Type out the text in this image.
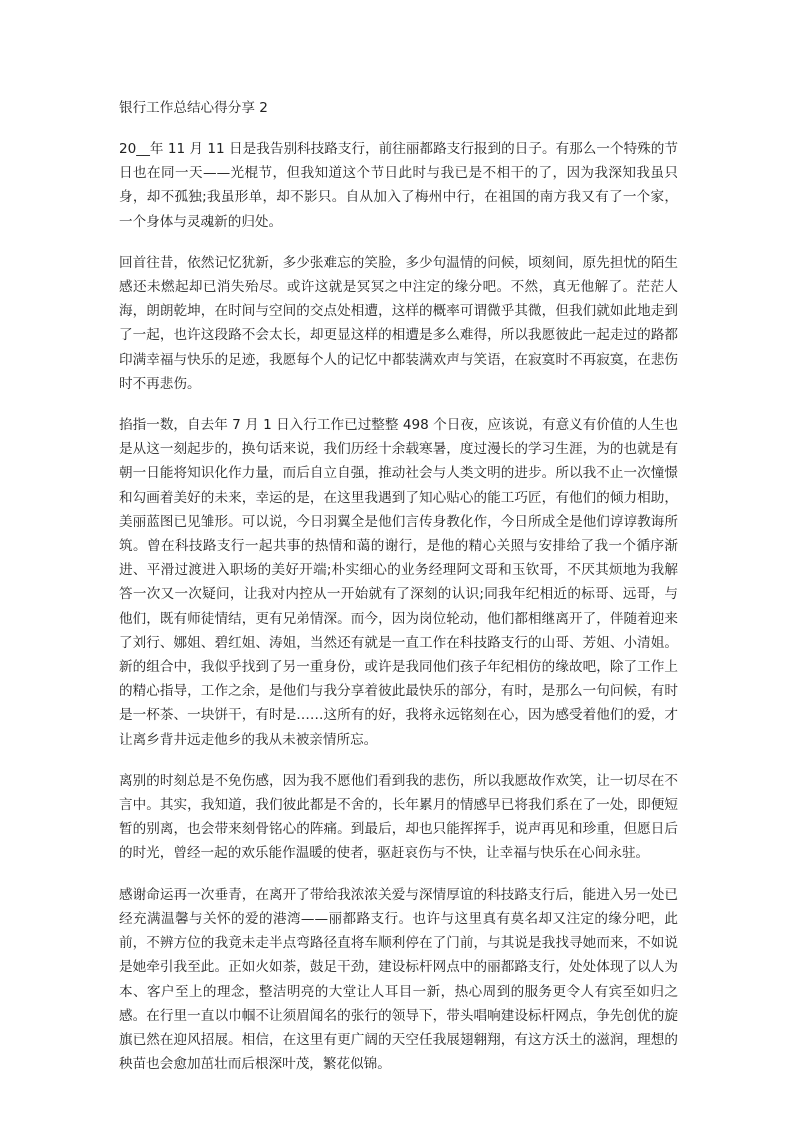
银行工作总结心得分享 2

20__年 11 月 11 日是我告别科技路支行，前往丽都路支行报到的日子。有那么一个特殊的节日也在同一天——光棍节，但我知道这个节日此时与我已是不相干的了，因为我深知我虽只身，却不孤独;我虽形单，却不影只。自从加入了梅州中行，在祖国的南方我又有了一个家，一个身体与灵魂新的归处。

回首往昔，依然记忆犹新，多少张难忘的笑脸，多少句温情的问候，顷刻间，原先担忧的陌生感还未燃起却已消失殆尽。或许这就是冥冥之中注定的缘分吧。不然，真无他解了。茫茫人海，朗朗乾坤，在时间与空间的交点处相遭，这样的概率可谓微乎其微，但我们就如此地走到了一起，也许这段路不会太长，却更显这样的相遭是多么难得，所以我愿彼此一起走过的路都印满幸福与快乐的足迹，我愿每个人的记忆中都装满欢声与笑语，在寂寞时不再寂寞，在悲伤时不再悲伤。

掐指一数，自去年 7 月 1 日入行工作已过整整 498 个日夜，应该说，有意义有价值的人生也是从这一刻起步的，换句话来说，我们历经十余载寒暑，度过漫长的学习生涯，为的也就是有朝一日能将知识化作力量，而后自立自强，推动社会与人类文明的进步。所以我不止一次憧憬和勾画着美好的未来，幸运的是，在这里我遇到了知心贴心的能工巧匠，有他们的倾力相助，美丽蓝图已见雏形。可以说，今日羽翼全是他们言传身教化作，今日所成全是他们谆谆教诲所筑。曾在科技路支行一起共事的热情和蔼的谢行，是他的精心关照与安排给了我一个循序渐进、平滑过渡进入职场的美好开端;朴实细心的业务经理阿文哥和玉钦哥，不厌其烦地为我解答一次又一次疑问，让我对内控从一开始就有了深刻的认识;同我年纪相近的标哥、远哥，与他们，既有师徒情结，更有兄弟情深。而今，因为岗位轮动，他们都相继离开了，伴随着迎来了刘行、娜姐、碧红姐、涛姐，当然还有就是一直工作在科技路支行的山哥、芳姐、小清姐。新的组合中，我似乎找到了另一重身份，或许是我同他们孩子年纪相仿的缘故吧，除了工作上的精心指导，工作之余，是他们与我分享着彼此最快乐的部分，有时，是那么一句问候，有时是一杯茶、一块饼干，有时是……这所有的好，我将永远铭刻在心，因为感受着他们的爱，才让离乡背井远走他乡的我从未被亲情所忘。

离别的时刻总是不免伤感，因为我不愿他们看到我的悲伤，所以我愿故作欢笑，让一切尽在不言中。其实，我知道，我们彼此都是不舍的，长年累月的情感早已将我们系在了一处，即便短暂的别离，也会带来刻骨铭心的阵痛。到最后，却也只能挥挥手，说声再见和珍重，但愿日后的时光，曾经一起的欢乐能作温暖的使者，驱赶哀伤与不快，让幸福与快乐在心间永驻。

感谢命运再一次垂青，在离开了带给我浓浓关爱与深情厚谊的科技路支行后，能进入另一处已经充满温馨与关怀的爱的港湾——丽都路支行。也许与这里真有莫名却又注定的缘分吧，此前，不辨方位的我竟未走半点弯路径直将车顺利停在了门前，与其说是我找寻她而来，不如说是她牵引我至此。正如火如荼，鼓足干劲，建设标杆网点中的丽都路支行，处处体现了以人为本、客户至上的理念，整洁明亮的大堂让人耳目一新，热心周到的服务更令人有宾至如归之感。在行里一直以巾帼不让须眉闻名的张行的领导下，带头唱响建设标杆网点，争先创优的旋旗已然在迎风招展。相信，在这里有更广阔的天空任我展翅翱翔，有这方沃土的滋润，理想的秧苗也会愈加茁壮而后根深叶茂，繁花似锦。
